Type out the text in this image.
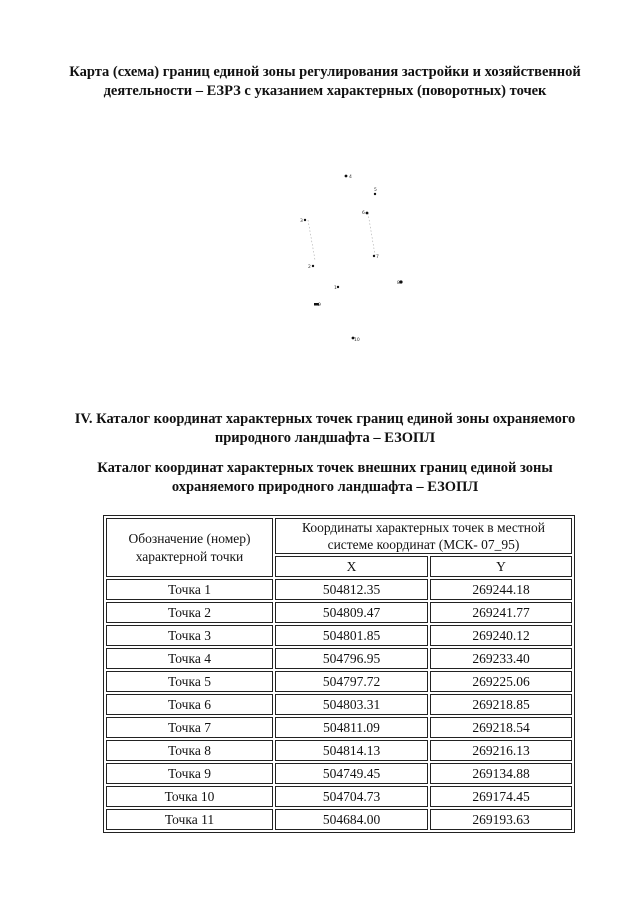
Карта (схема) границ единой зоны регулирования застройки и хозяйственной деятельности – ЕЗРЗ с указанием характерных (поворотных) точек
4
5
6
3
7
2
1
8
9
10
IV. Каталог координат характерных точек границ единой зоны охраняемого природного ландшафта – ЕЗОПЛ
Каталог координат характерных точек внешних границ единой зоны охраняемого природного ландшафта – ЕЗОПЛ
Обозначение (номер) характерной точки	Координаты характерных точек в местной системе координат (МСК- 07_95)	
	X	Y
Точка 1	504812.35	269244.18
Точка 2	504809.47	269241.77
Точка 3	504801.85	269240.12
Точка 4	504796.95	269233.40
Точка 5	504797.72	269225.06
Точка 6	504803.31	269218.85
Точка 7	504811.09	269218.54
Точка 8	504814.13	269216.13
Точка 9	504749.45	269134.88
Точка 10	504704.73	269174.45
Точка 11	504684.00	269193.63
